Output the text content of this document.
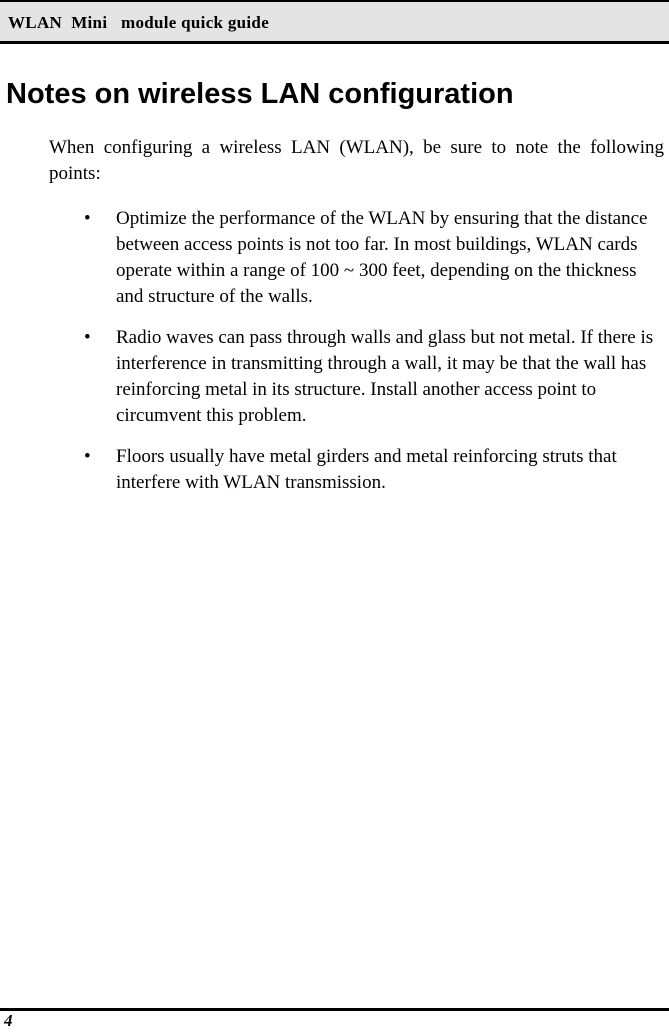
WLAN  Mini   module quick guide
Notes on wireless LAN configuration

When configuring a wireless LAN (WLAN), be sure to note the following points:

• Optimize the performance of the WLAN by ensuring that the distance between access points is not too far. In most buildings, WLAN cards operate within a range of 100 ~ 300 feet, depending on the thickness and structure of the walls.
• Radio waves can pass through walls and glass but not metal. If there is interference in transmitting through a wall, it may be that the wall has reinforcing metal in its structure. Install another access point to circumvent this problem.
• Floors usually have metal girders and metal reinforcing struts that interfere with WLAN transmission.
4
